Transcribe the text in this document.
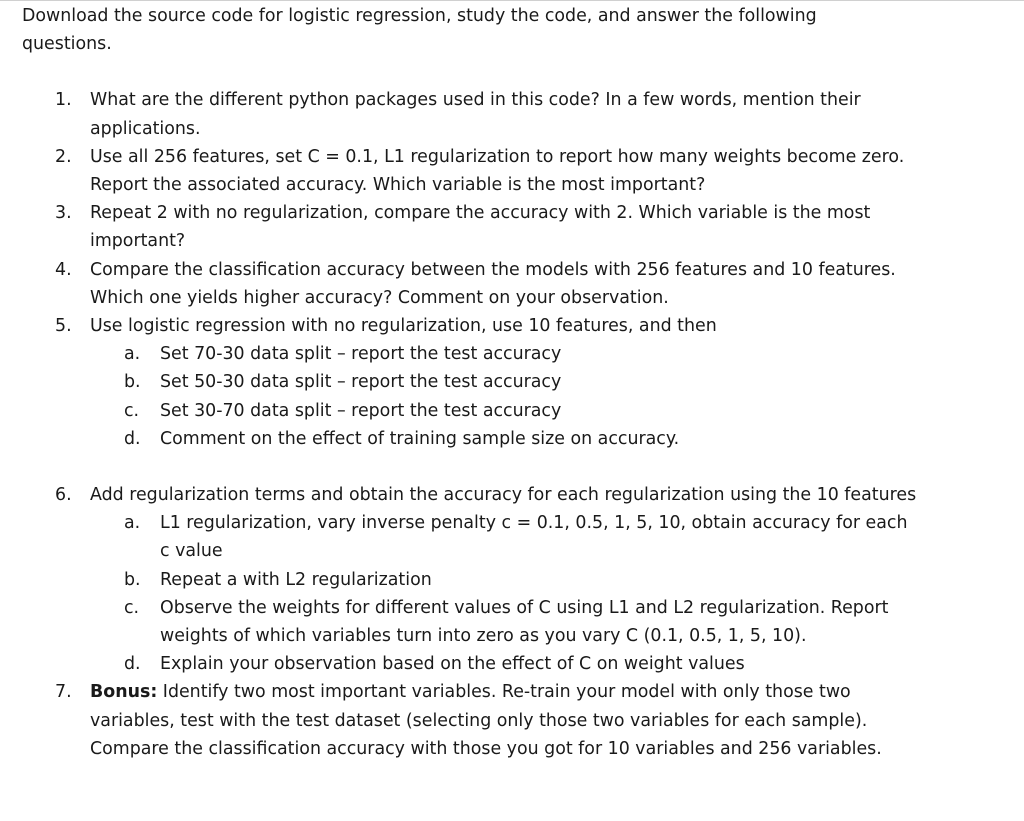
Download the source code for logistic regression, study the code, and answer the following questions.

1. What are the different python packages used in this code? In a few words, mention their applications.
2. Use all 256 features, set C = 0.1, L1 regularization to report how many weights become zero. Report the associated accuracy. Which variable is the most important?
3. Repeat 2 with no regularization, compare the accuracy with 2. Which variable is the most important?
4. Compare the classification accuracy between the models with 256 features and 10 features. Which one yields higher accuracy? Comment on your observation.
5. Use logistic regression with no regularization, use 10 features, and then
a. Set 70-30 data split – report the test accuracy
b. Set 50-30 data split – report the test accuracy
c. Set 30-70 data split – report the test accuracy
d. Comment on the effect of training sample size on accuracy.
6. Add regularization terms and obtain the accuracy for each regularization using the 10 features
a. L1 regularization, vary inverse penalty c = 0.1, 0.5, 1, 5, 10, obtain accuracy for each c value
b. Repeat a with L2 regularization
c. Observe the weights for different values of C using L1 and L2 regularization. Report weights of which variables turn into zero as you vary C (0.1, 0.5, 1, 5, 10).
d. Explain your observation based on the effect of C on weight values
7. Bonus: Identify two most important variables. Re-train your model with only those two variables, test with the test dataset (selecting only those two variables for each sample). Compare the classification accuracy with those you got for 10 variables and 256 variables.
